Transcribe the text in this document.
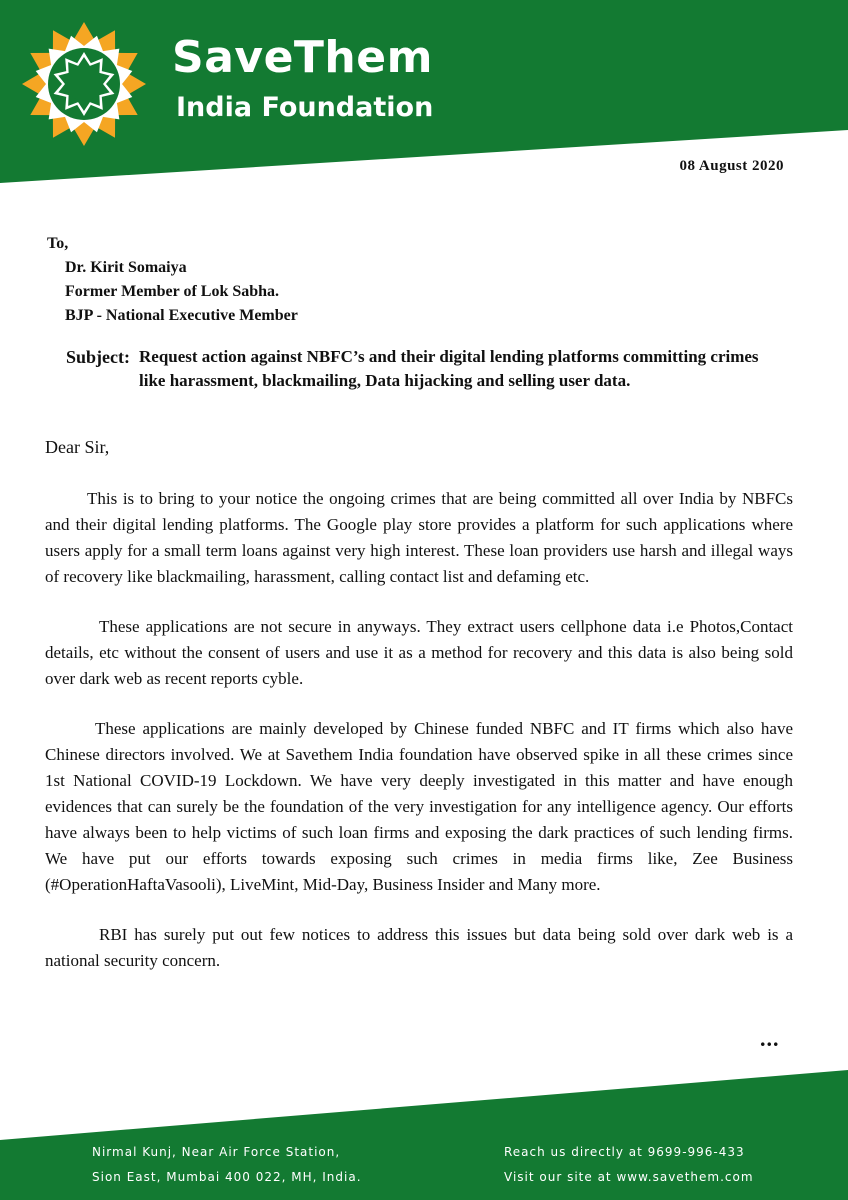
SaveThem
India Foundation
08 August 2020
To,
Dr. Kirit Somaiya
Former Member of Lok Sabha.
BJP - National Executive Member
Subject: Request action against NBFC’s and their digital lending platforms committing crimes like harassment, blackmailing, Data hijacking and selling user data.
Dear Sir,

This is to bring to your notice the ongoing crimes that are being committed all over India by NBFCs and their digital lending platforms. The Google play store provides a platform for such applications where users apply for a small term loans against very high interest. These loan providers use harsh and illegal ways of recovery like blackmailing, harassment, calling contact list and defaming etc.

These applications are not secure in anyways. They extract users cellphone data i.e Photos,Contact details, etc without the consent of users and use it as a method for recovery and this data is also being sold over dark web as recent reports cyble.

These applications are mainly developed by Chinese funded NBFC and IT firms which also have Chinese directors involved. We at Savethem India foundation have observed spike in all these crimes since 1st National COVID-19 Lockdown. We have very deeply investigated in this matter and have enough evidences that can surely be the foundation of the very investigation for any intelligence agency. Our efforts have always been to help victims of such loan firms and exposing the dark practices of such lending firms. We have put our efforts towards exposing such crimes in media firms like, Zee Business (#OperationHaftaVasooli), LiveMint, Mid-Day, Business Insider and Many more.

RBI has surely put out few notices to address this issues but data being sold over dark web is a national security concern.

...
Nirmal Kunj, Near Air Force Station,
Sion East, Mumbai 400 022, MH, India.
Reach us directly at 9699-996-433
Visit our site at www.savethem.com
